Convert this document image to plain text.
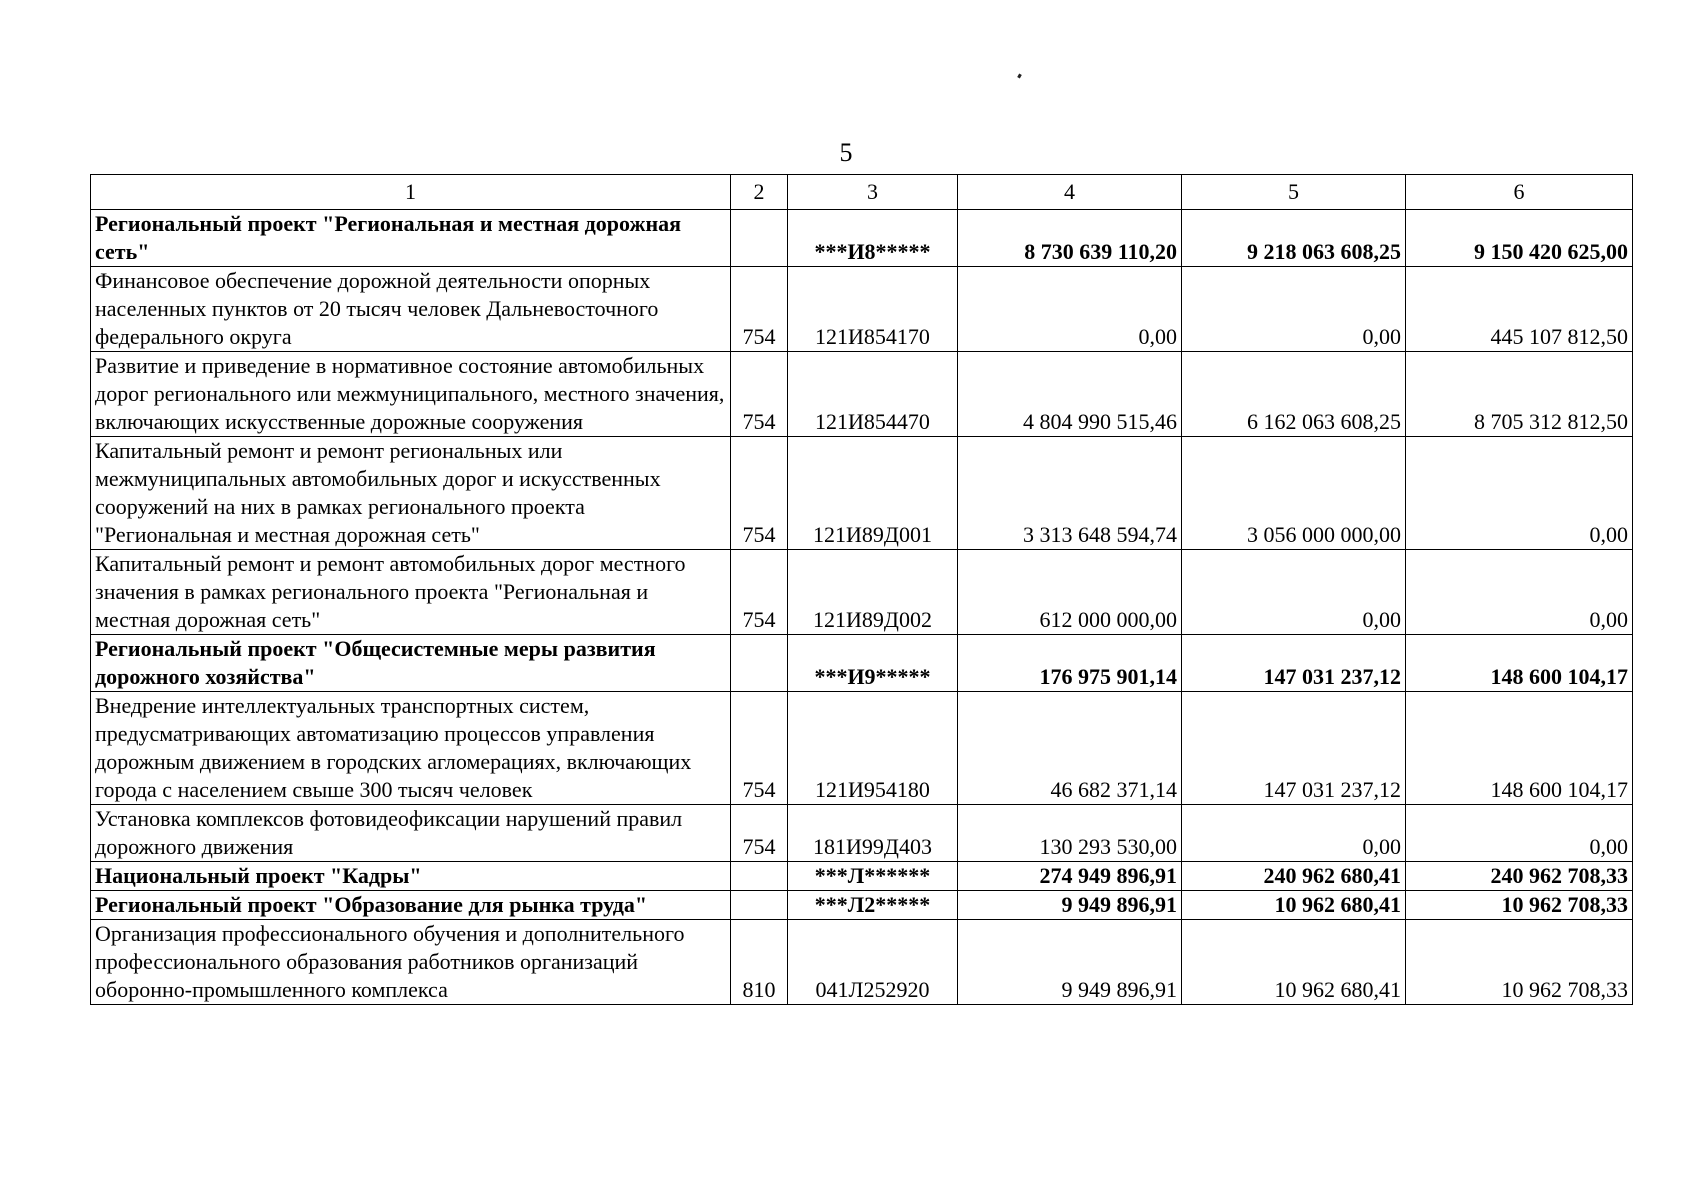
5
1	2	3	4	5	6
Региональный проект "Региональная и местная дорожная сеть"		***И8*****	8 730 639 110,20	9 218 063 608,25	9 150 420 625,00
Финансовое обеспечение дорожной деятельности опорных населенных пунктов от 20 тысяч человек Дальневосточного федерального округа	754	121И854170	0,00	0,00	445 107 812,50
Развитие и приведение в нормативное состояние автомобильных дорог регионального или межмуниципального, местного значения, включающих искусственные дорожные сооружения	754	121И854470	4 804 990 515,46	6 162 063 608,25	8 705 312 812,50
Капитальный ремонт и ремонт региональных или межмуниципальных автомобильных дорог и искусственных сооружений на них в рамках регионального проекта "Региональная и местная дорожная сеть"	754	121И89Д001	3 313 648 594,74	3 056 000 000,00	0,00
Капитальный ремонт и ремонт автомобильных дорог местного значения в рамках регионального проекта "Региональная и местная дорожная сеть"	754	121И89Д002	612 000 000,00	0,00	0,00
Региональный проект "Общесистемные меры развития дорожного хозяйства"		***И9*****	176 975 901,14	147 031 237,12	148 600 104,17
Внедрение интеллектуальных транспортных систем, предусматривающих автоматизацию процессов управления дорожным движением в городских агломерациях, включающих города с населением свыше 300 тысяч человек	754	121И954180	46 682 371,14	147 031 237,12	148 600 104,17
Установка комплексов фотовидеофиксации нарушений правил дорожного движения	754	181И99Д403	130 293 530,00	0,00	0,00
Национальный проект "Кадры"		***Л******	274 949 896,91	240 962 680,41	240 962 708,33
Региональный проект "Образование для рынка труда"		***Л2*****	9 949 896,91	10 962 680,41	10 962 708,33
Организация профессионального обучения и дополнительного профессионального образования работников организаций оборонно-промышленного комплекса	810	041Л252920	9 949 896,91	10 962 680,41	10 962 708,33
